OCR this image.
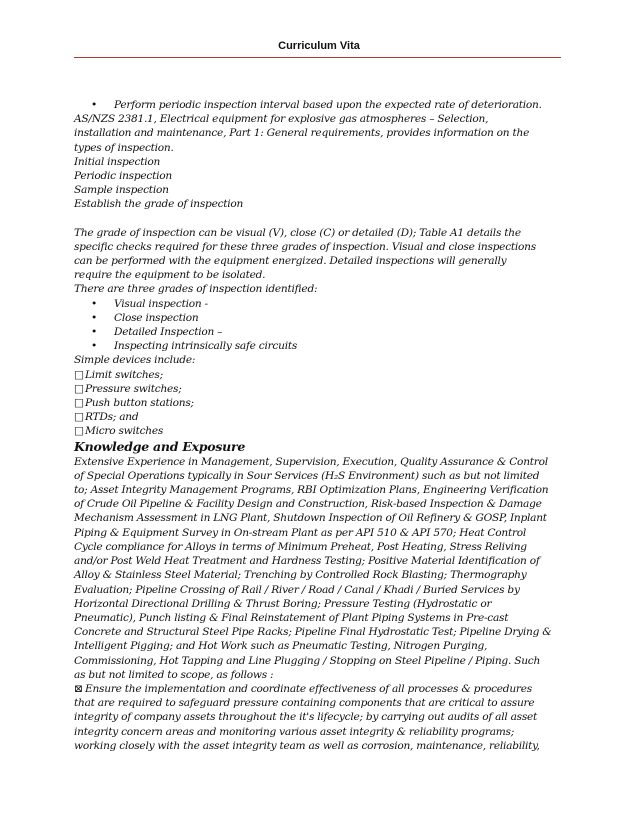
Curriculum Vita

• Perform periodic inspection interval based upon the expected rate of deterioration.

AS/NZS 2381.1, Electrical equipment for explosive gas atmospheres – Selection,

installation and maintenance, Part 1: General requirements, provides information on the

types of inspection.

Initial inspection

Periodic inspection

Sample inspection

Establish the grade of inspection

The grade of inspection can be visual (V), close (C) or detailed (D); Table A1 details the

specific checks required for these three grades of inspection. Visual and close inspections

can be performed with the equipment energized. Detailed inspections will generally

require the equipment to be isolated.

There are three grades of inspection identified:

• Visual inspection -

• Close inspection

• Detailed Inspection –

• Inspecting intrinsically safe circuits

Simple devices include:

□Limit switches;

□Pressure switches;

□Push button stations;

□RTDs; and

□Micro switches

Knowledge and Exposure

Extensive Experience in Management, Supervision, Execution, Quality Assurance & Control

of Special Operations typically in Sour Services (H₂S Environment) such as but not limited

to; Asset Integrity Management Programs, RBI Optimization Plans, Engineering Verification

of Crude Oil Pipeline & Facility Design and Construction, Risk-based Inspection & Damage

Mechanism Assessment in LNG Plant, Shutdown Inspection of Oil Refinery & GOSP, Inplant

Piping & Equipment Survey in On-stream Plant as per API 510 & API 570; Heat Control

Cycle compliance for Alloys in terms of Minimum Preheat, Post Heating, Stress Reliving

and/or Post Weld Heat Treatment and Hardness Testing; Positive Material Identification of

Alloy & Stainless Steel Material; Trenching by Controlled Rock Blasting; Thermography

Evaluation; Pipeline Crossing of Rail / River / Road / Canal / Khadi / Buried Services by

Horizontal Directional Drilling & Thrust Boring; Pressure Testing (Hydrostatic or

Pneumatic), Punch listing & Final Reinstatement of Plant Piping Systems in Pre-cast

Concrete and Structural Steel Pipe Racks; Pipeline Final Hydrostatic Test; Pipeline Drying &

Intelligent Pigging; and Hot Work such as Pneumatic Testing, Nitrogen Purging,

Commissioning, Hot Tapping and Line Plugging / Stopping on Steel Pipeline / Piping. Such

as but not limited to scope, as follows :

⊠ Ensure the implementation and coordinate effectiveness of all processes & procedures

that are required to safeguard pressure containing components that are critical to assure

integrity of company assets throughout the it's lifecycle; by carrying out audits of all asset

integrity concern areas and monitoring various asset integrity & reliability programs;

working closely with the asset integrity team as well as corrosion, maintenance, reliability,
